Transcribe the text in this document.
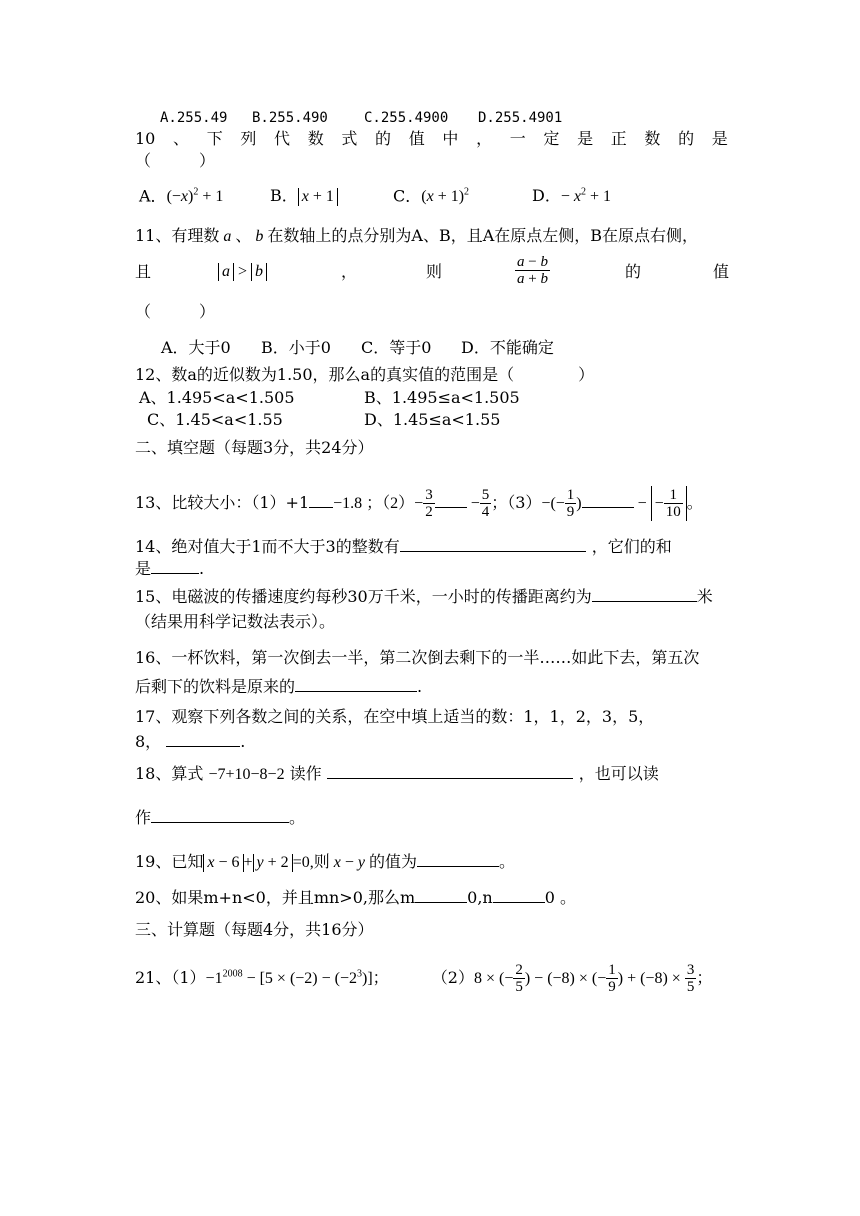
A.255.49 B.255.490	C.255.4900 D.255.4901
10 、 下 列 代 数 式 的 值 中 ， 一 定 是 正 数 的 是
（　　　）
A．$(-x)^2 + 1$	B． x + 1	C．$(x + 1)^2$	D．− $x^2 + 1$
11、有理数 a 、 b 在数轴上的点分别为A、B，且A在原点左侧，B在原点右侧，
且	a > b	，	则	$\frac{a - b}{a + b}$	的	值
（　　　）
A．大于0 B．小于0 C．等于0 D．不能确定
12、数a的近似数为1.50，那么a的真实值的范围是（　　　　）
A、1.495<a<1.505	B、1.495≤a<1.505
C、1.45<a<1.55	D、1.45≤a<1.55
二、填空题（每题3分，共24分）
13、比较大小：（1）+1 −1.8 ；$(2)- \frac{3}{2} - \frac{5}{4}$ ；$(3)-(- \frac{1}{9}$ )	− − $\frac{1}{10}$ 。
14、绝对值大于1而不大于3的整数有	，它们的和
是	.
15、电磁波的传播速度约每秒30万千米，一小时的传播距离约为	米
（结果用科学记数法表示）。
16、一杯饮料，第一次倒去一半，第二次倒去剩下的一半……如此下去，第五次
后剩下的饮料是原来的	.
17、观察下列各数之间的关系，在空中填上适当的数：1，1，2，3，5，
8，	.
18、算式 −7+10−8−2 读作	，也可以读
作	。
19、已知 x − 6 + y + 2 =0,则 x − y 的值为	。
20、如果m+n<0，并且mn>0,那么m	0,n	0 。
三、计算题（每题4分，共16分）
21、$(1)-1^{2008} - [5 \times (-2) - (-2^3)]$；	（2）8 × (− $\frac{2}{5}$ ) − (−8) × (− $\frac{1}{9}$ ) + $(-8) \times \frac{3}{5}$ ；
